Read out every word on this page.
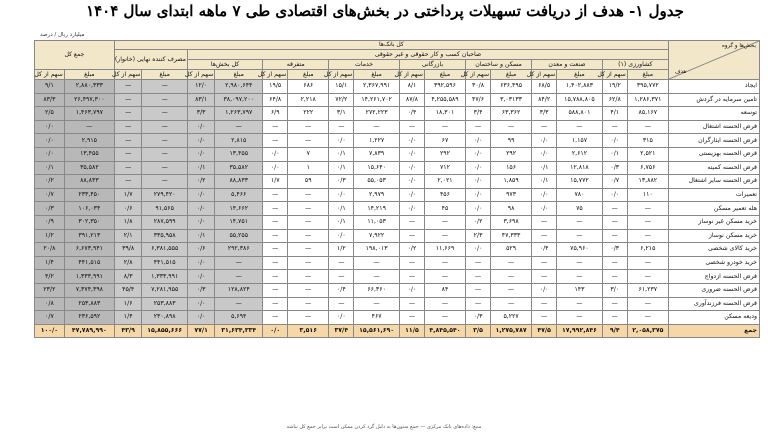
جدول ۱- هدف از دریافت تسهیلات پرداختی در بخش‌های اقتصادی طی ۷ ماهه ابتدای سال ۱۴۰۴
میلیارد ریال / درصد
بخش‌ها و گروه
هدف	کل بانک‌ها																جمع کل	
	صاحبان کسب و کار حقوقی و غیر حقوقی														مصرف کننده نهایی (خانوار)			
	کشاورزی (۱)		صنعت و معدن		مسکن و ساختمان		بازرگانی		خدمات		متفرقه		کل بخش‌ها					
	مبلغ	سهم از کل	مبلغ	سهم از کل	مبلغ	سهم از کل	مبلغ	سهم از کل	مبلغ	سهم از کل	مبلغ	سهم از کل	مبلغ	سهم از کل	مبلغ	سهم از کل	مبلغ	سهم از کل
ایجاد	۳۹۵,۷۷۲	۱۹/۲	۱,۴۰۲,۸۸۳	۶۸/۵	۶۳۶,۴۹۵	۳۰/۸	۳۹۲,۵۹۶	۸/۱	۲,۳۶۷,۹۹۱	۱۵/۱	۶۸۶	۱۹/۵	۲,۹۸۰,۶۴۴	۱۲/۰	—	—	۲,۸۸۰,۳۳۳	۹/۱
تامین سرمایه در گردش	۱,۲۸۶,۳۷۱	۶۲/۸	۱۵,۷۸۸,۸۰۵	۸۴/۲	۳,۰۳۱۳۳	۴۷/۶	۴,۲۵۵,۵۸۹	۸۷/۸	۱۴,۲۶۱,۷۰۲	۷۲/۲	۲,۲۱۸	۶۴/۸	۳۸,۰۹۷,۲۰۰	۸۳/۱	—	—	۲۶,۴۹۷,۳۰۰	۸۳/۳
توسعه	۸۵,۱۶۷	۴/۱	۵۸۸,۸۰۱	۳/۳	۶۳,۳۶۲	۳/۴	۱۸,۳۰۱	۰/۴	۲۷۲,۲۲۳	۳/۱	۲۲۲	۶/۹	۱,۲۶۳,۷۹۷	۳/۳	—	—	۱,۴۶۳,۷۹۷	۲/۵
قرض الحسنه اشتغال	—	—	—	—	—	—	—	—	—	—	—	—	—	۰/۰	—	—	—	۰/۰
قرض الحسنه ایثارگران	۳۱۵	۰/۰	۱,۱۵۷	۰/۰	۹۹	۰/۰	۶۷	۰/۰	۱,۲۲۷	۰/۰	—	—	۲,۸۱۵	۰/۰	—	—	۲,۹۱۵	۰/۰
قرض الحسنه بهزیستی	۲,۵۲۱	۰/۱	۲,۶۱۲	۰/۰	۲۹۲	۰/۰	۲۹۲	۰/۰	۷,۸۳۹	۰/۱	۷	۰/۰	۱۳,۴۵۵	۰/۰	—	—	۱۳,۴۵۵	۰/۰
قرض الحسنه کمیته	۶,۷۵۶	۰/۳	۱۲,۸۱۸	۰/۱	۱۵۶	۰/۰	۷۱۲	۰/۰	۱۵,۶۴۰	۰/۱	۱	۰/۰	۳۵,۵۸۲	۰/۱	—	—	۳۵,۵۸۲	۰/۱
قرض الحسنه سایر اشتغال	۱۳,۸۸۲	۰/۷	۱۵,۷۷۲	۰/۱	۱,۸۵۹	۰/۰	۲,۰۲۱	۰/۰	۵۵,۰۵۳	۰/۳	۵۹	۱/۷	۸۸,۸۳۳	۰/۲	—	—	۸۸,۸۳۳	۰/۲
تعمیرات	۱۱۰	۰/۰	۷۸۰	۰/۰	۹۷۳	۰/۰	۴۵۶	۰/۰	۲,۹۷۹	۰/۰	—	—	۵,۴۶۶	۰/۰	۲۷۹,۴۲۰	۱/۷	۲۳۳,۴۵۰	۰/۷
هله تعمیر مسکن	—	—	۷۵	۰/۰	۹۸	۰/۰	۴۵	۰/۰	۱۴,۲۱۹	۰/۱	—	—	۱۴,۶۶۲	۰/۰	۹۱,۵۶۵	۰/۶	۱۰۶,۰۳۴	۰/۳
خرید مسکن غیر نوساز	—	—	—	—	۳,۶۹۸	۰/۲	—	—	۱۱,۰۵۳	۰/۱	—	—	۱۴,۷۵۱	۰/۰	۲۸۷,۵۹۹	۱/۸	۳۰۲,۳۵۰	۰/۹
خرید مسکن نوساز	—	—	—	—	۴۷,۳۳۳	۲/۳	—	—	۷,۹۲۲	۰/۰	—	—	۵۵,۲۵۵	۰/۱	۳۳۵,۹۵۸	۲/۱	۳۹۱,۲۱۳	۱/۲
خرید کالای شخصی	۶,۲۱۵	۰/۳	۷۵,۹۶۰	۰/۴	۵۲۹	۰/۰	۱۱,۶۶۹	۰/۲	۱۹۸,۰۱۳	۱/۲	—	—	۲۹۲,۳۸۶	۰/۶	۶,۳۸۱,۵۵۵	۳۹/۸	۶,۶۷۳,۹۴۱	۲۰/۸
خرید خودرو شخصی	—	—	—	—	—	—	—	—	—	—	—	—	—	۰/۰	۴۴۱,۵۱۵	۲/۸	۴۴۱,۵۱۵	۱/۴
قرض الحسنه ازدواج	—	—	—	—	—	—	—	—	—	—	—	—	—	۰/۰	۱,۳۳۳,۹۹۱	۸/۳	۱,۳۳۳,۹۹۱	۴/۲
قرض الحسنه ضروری	۶۱,۲۳۷	۳/۰	۱۴۳	۰/۰	—	—	۸۴	۰/۰	۶۶,۳۶۰	۰/۴	—	—	۱۲۸,۸۲۴	۰/۳	۷,۲۸۱,۹۵۵	۴۵/۴	۷,۳۷۴,۳۹۸	۲۳/۲
قرض الحسنه فرزندآوری	—	—	—	—	—	—	—	—	—	—	—	—	—	۰/۰	۲۵۳,۸۸۳	۱/۶	۲۵۳,۸۸۳	۰/۸
وديعه مسکن	—	—	—	—	۵,۲۲۷	۰/۳	—	—	۴۶۷	۰/۰	—	—	۵,۶۹۴	۰/۰	۲۳۰,۸۹۸	۱/۴	۲۳۶,۵۹۲	۰/۷
جمع	۲,۰۵۸,۳۷۵	۹/۴	۱۷,۹۹۲,۸۴۶	۴۷/۵	۱,۲۷۵,۷۸۷	۳/۵	۴,۸۴۵,۵۴۰	۱۱/۵	۱۵,۵۶۱,۶۹۰	۳۷/۴	۳,۵۱۶	۰/۰	۳۱,۶۳۴,۳۳۴	۷۷/۱	۱۵,۸۵۵,۶۶۶	۴۳/۹	۴۷,۷۸۹,۹۹۰	۱۰۰/۰
منبع: داده‌های بانک مرکزی — جمع ستون‌ها به دلیل گرد کردن ممکن است برابر جمع کل نباشد
